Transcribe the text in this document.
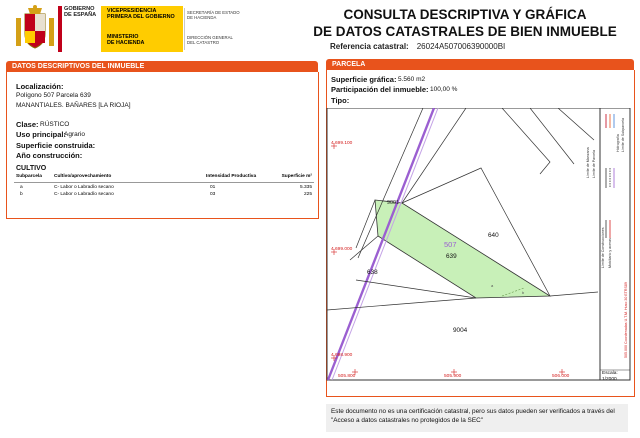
GOBIERNO
DE ESPAÑA
VICEPRESIDENCIA
PRIMERA DEL GOBIERNO
MINISTERIO
DE HACIENDA
SECRETARÍA DE ESTADO
DE HACIENDA
DIRECCIÓN GENERAL
DEL CATASTRO
CONSULTA DESCRIPTIVA Y GRÁFICA
DE DATOS CATASTRALES DE BIEN INMUEBLE
Referencia catastral: 26024A507006390000BI
DATOS DESCRIPTIVOS DEL INMUEBLE
Localización:
Polígono 507 Parcela 639
MANANTIALES. BAÑARES [LA RIOJA]
Clase: RÚSTICO
Uso principal:
Agrario
Superficie construida:
Año construcción:
CULTIVO
Subparcela	Cultivo/aprovechamiento	Intensidad Productiva	Superficie m²

a	C- Labor o Labradío secano	01	5.335
b	C- Labor o Labradío secano	03	225
PARCELA
Superficie gráfica: 5.560 m2
Participación del inmueble: 100,00 %
Tipo:
4.699.100
4.699.000
4.698.900
505.800	505.900	506.000
9001
507
639
640
638
9004
a
b
Límite de Manzana Límite de Parcela
Hidrografía Límite de Subparcela
Límite de Construcciones Mobiliario y aceras
505.000 Coordenadas U.T.M. Huso 30 ETRS89
Escala:
1/2000
Este documento no es una certificación catastral, pero sus datos pueden ser verificados a través del "Acceso a datos catastrales no protegidos de la SEC"
